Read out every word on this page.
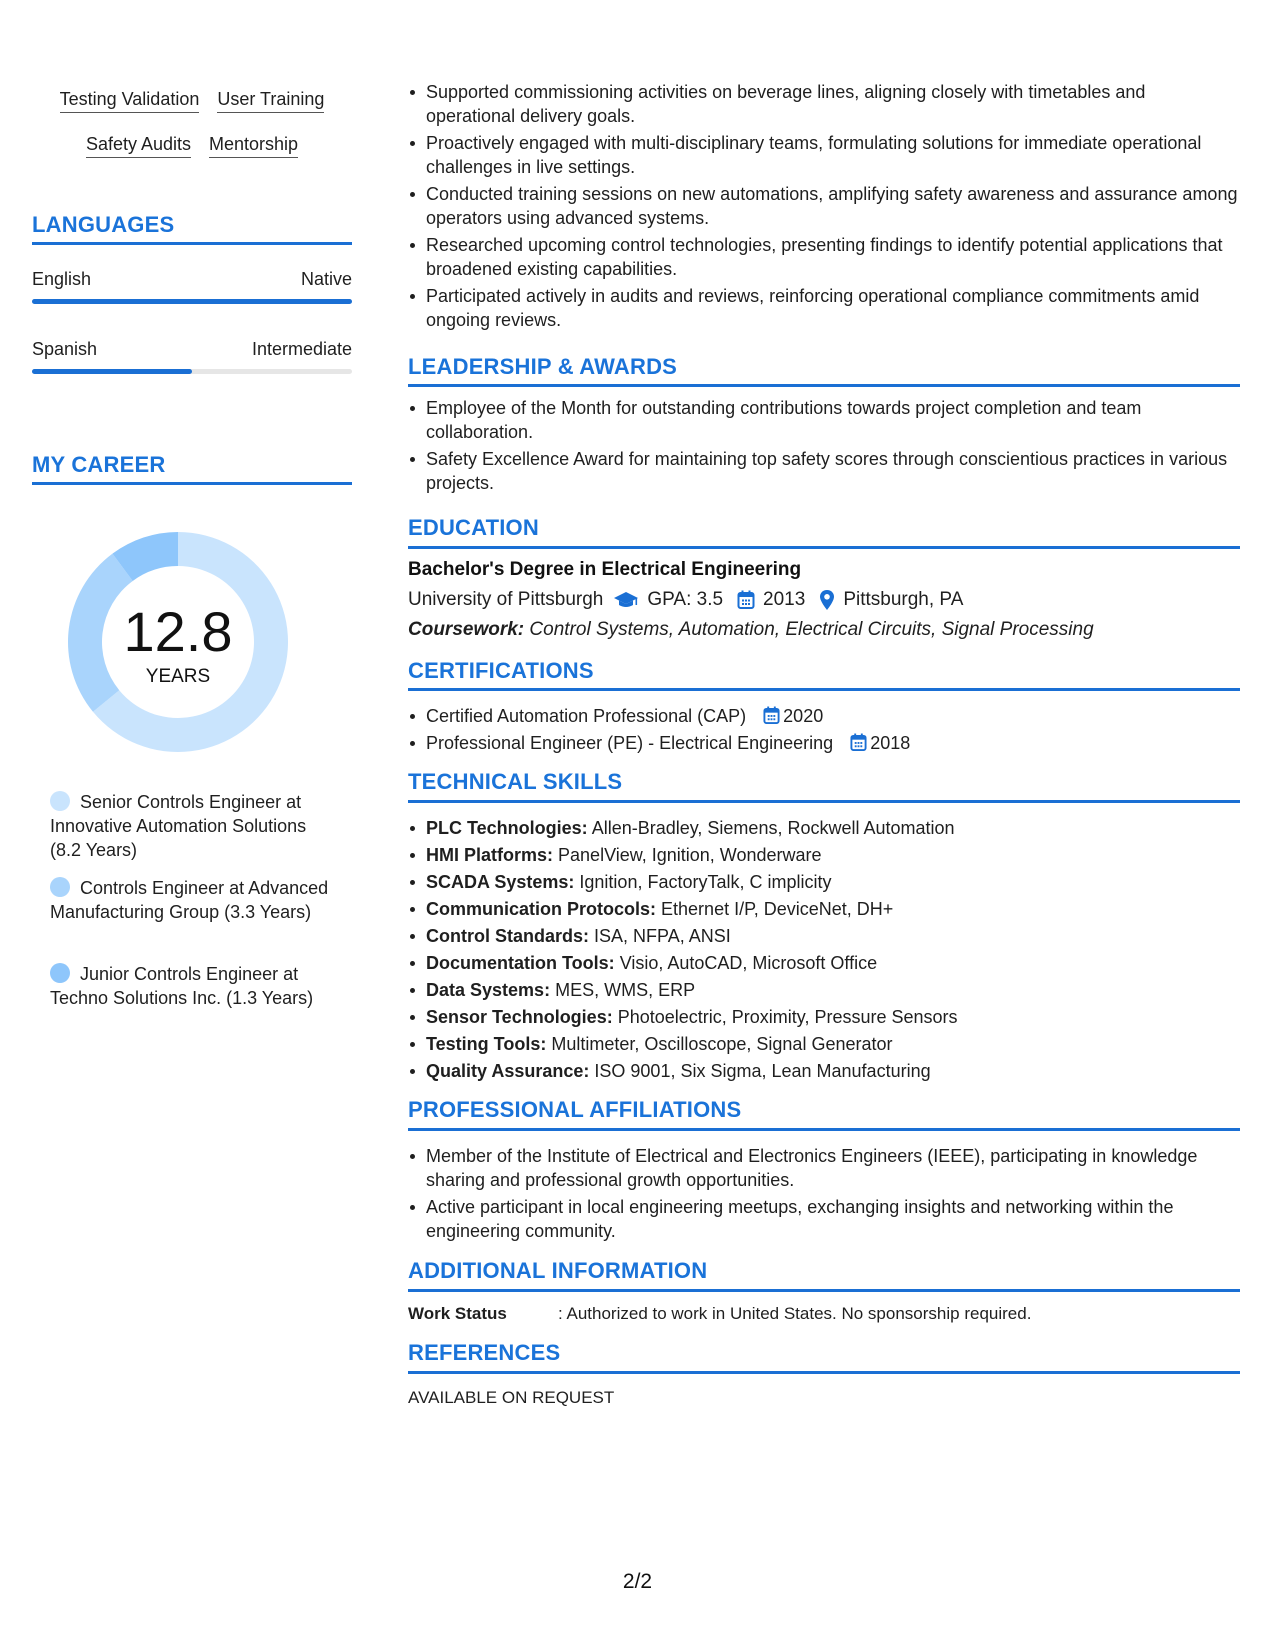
Testing Validation User Training
Safety Audits Mentorship
LANGUAGES
English	Native
Spanish	Intermediate
MY CAREER
12.8
YEARS
Senior Controls Engineer at Innovative Automation Solutions (8.2 Years)
Controls Engineer at Advanced Manufacturing Group (3.3 Years)
Junior Controls Engineer at Techno Solutions Inc. (1.3 Years)
Supported commissioning activities on beverage lines, aligning closely with timetables and operational delivery goals.
Proactively engaged with multi-disciplinary teams, formulating solutions for immediate operational challenges in live settings.
Conducted training sessions on new automations, amplifying safety awareness and assurance among operators using advanced systems.
Researched upcoming control technologies, presenting findings to identify potential applications that broadened existing capabilities.
Participated actively in audits and reviews, reinforcing operational compliance commitments amid ongoing reviews.
LEADERSHIP & AWARDS
Employee of the Month for outstanding contributions towards project completion and team collaboration.
Safety Excellence Award for maintaining top safety scores through conscientious practices in various projects.
EDUCATION
Bachelor's Degree in Electrical Engineering
University of Pittsburgh GPA: 3.5 2013 Pittsburgh, PA
Coursework: Control Systems, Automation, Electrical Circuits, Signal Processing
CERTIFICATIONS
Certified Automation Professional (CAP) 2020
Professional Engineer (PE) - Electrical Engineering 2018
TECHNICAL SKILLS
PLC Technologies: Allen-Bradley, Siemens, Rockwell Automation
HMI Platforms: PanelView, Ignition, Wonderware
SCADA Systems: Ignition, FactoryTalk, C implicity
Communication Protocols: Ethernet I/P, DeviceNet, DH+
Control Standards: ISA, NFPA, ANSI
Documentation Tools: Visio, AutoCAD, Microsoft Office
Data Systems: MES, WMS, ERP
Sensor Technologies: Photoelectric, Proximity, Pressure Sensors
Testing Tools: Multimeter, Oscilloscope, Signal Generator
Quality Assurance: ISO 9001, Six Sigma, Lean Manufacturing
PROFESSIONAL AFFILIATIONS
Member of the Institute of Electrical and Electronics Engineers (IEEE), participating in knowledge sharing and professional growth opportunities.
Active participant in local engineering meetups, exchanging insights and networking within the engineering community.
ADDITIONAL INFORMATION
Work Status	: Authorized to work in United States. No sponsorship required.
REFERENCES
AVAILABLE ON REQUEST
2/2
